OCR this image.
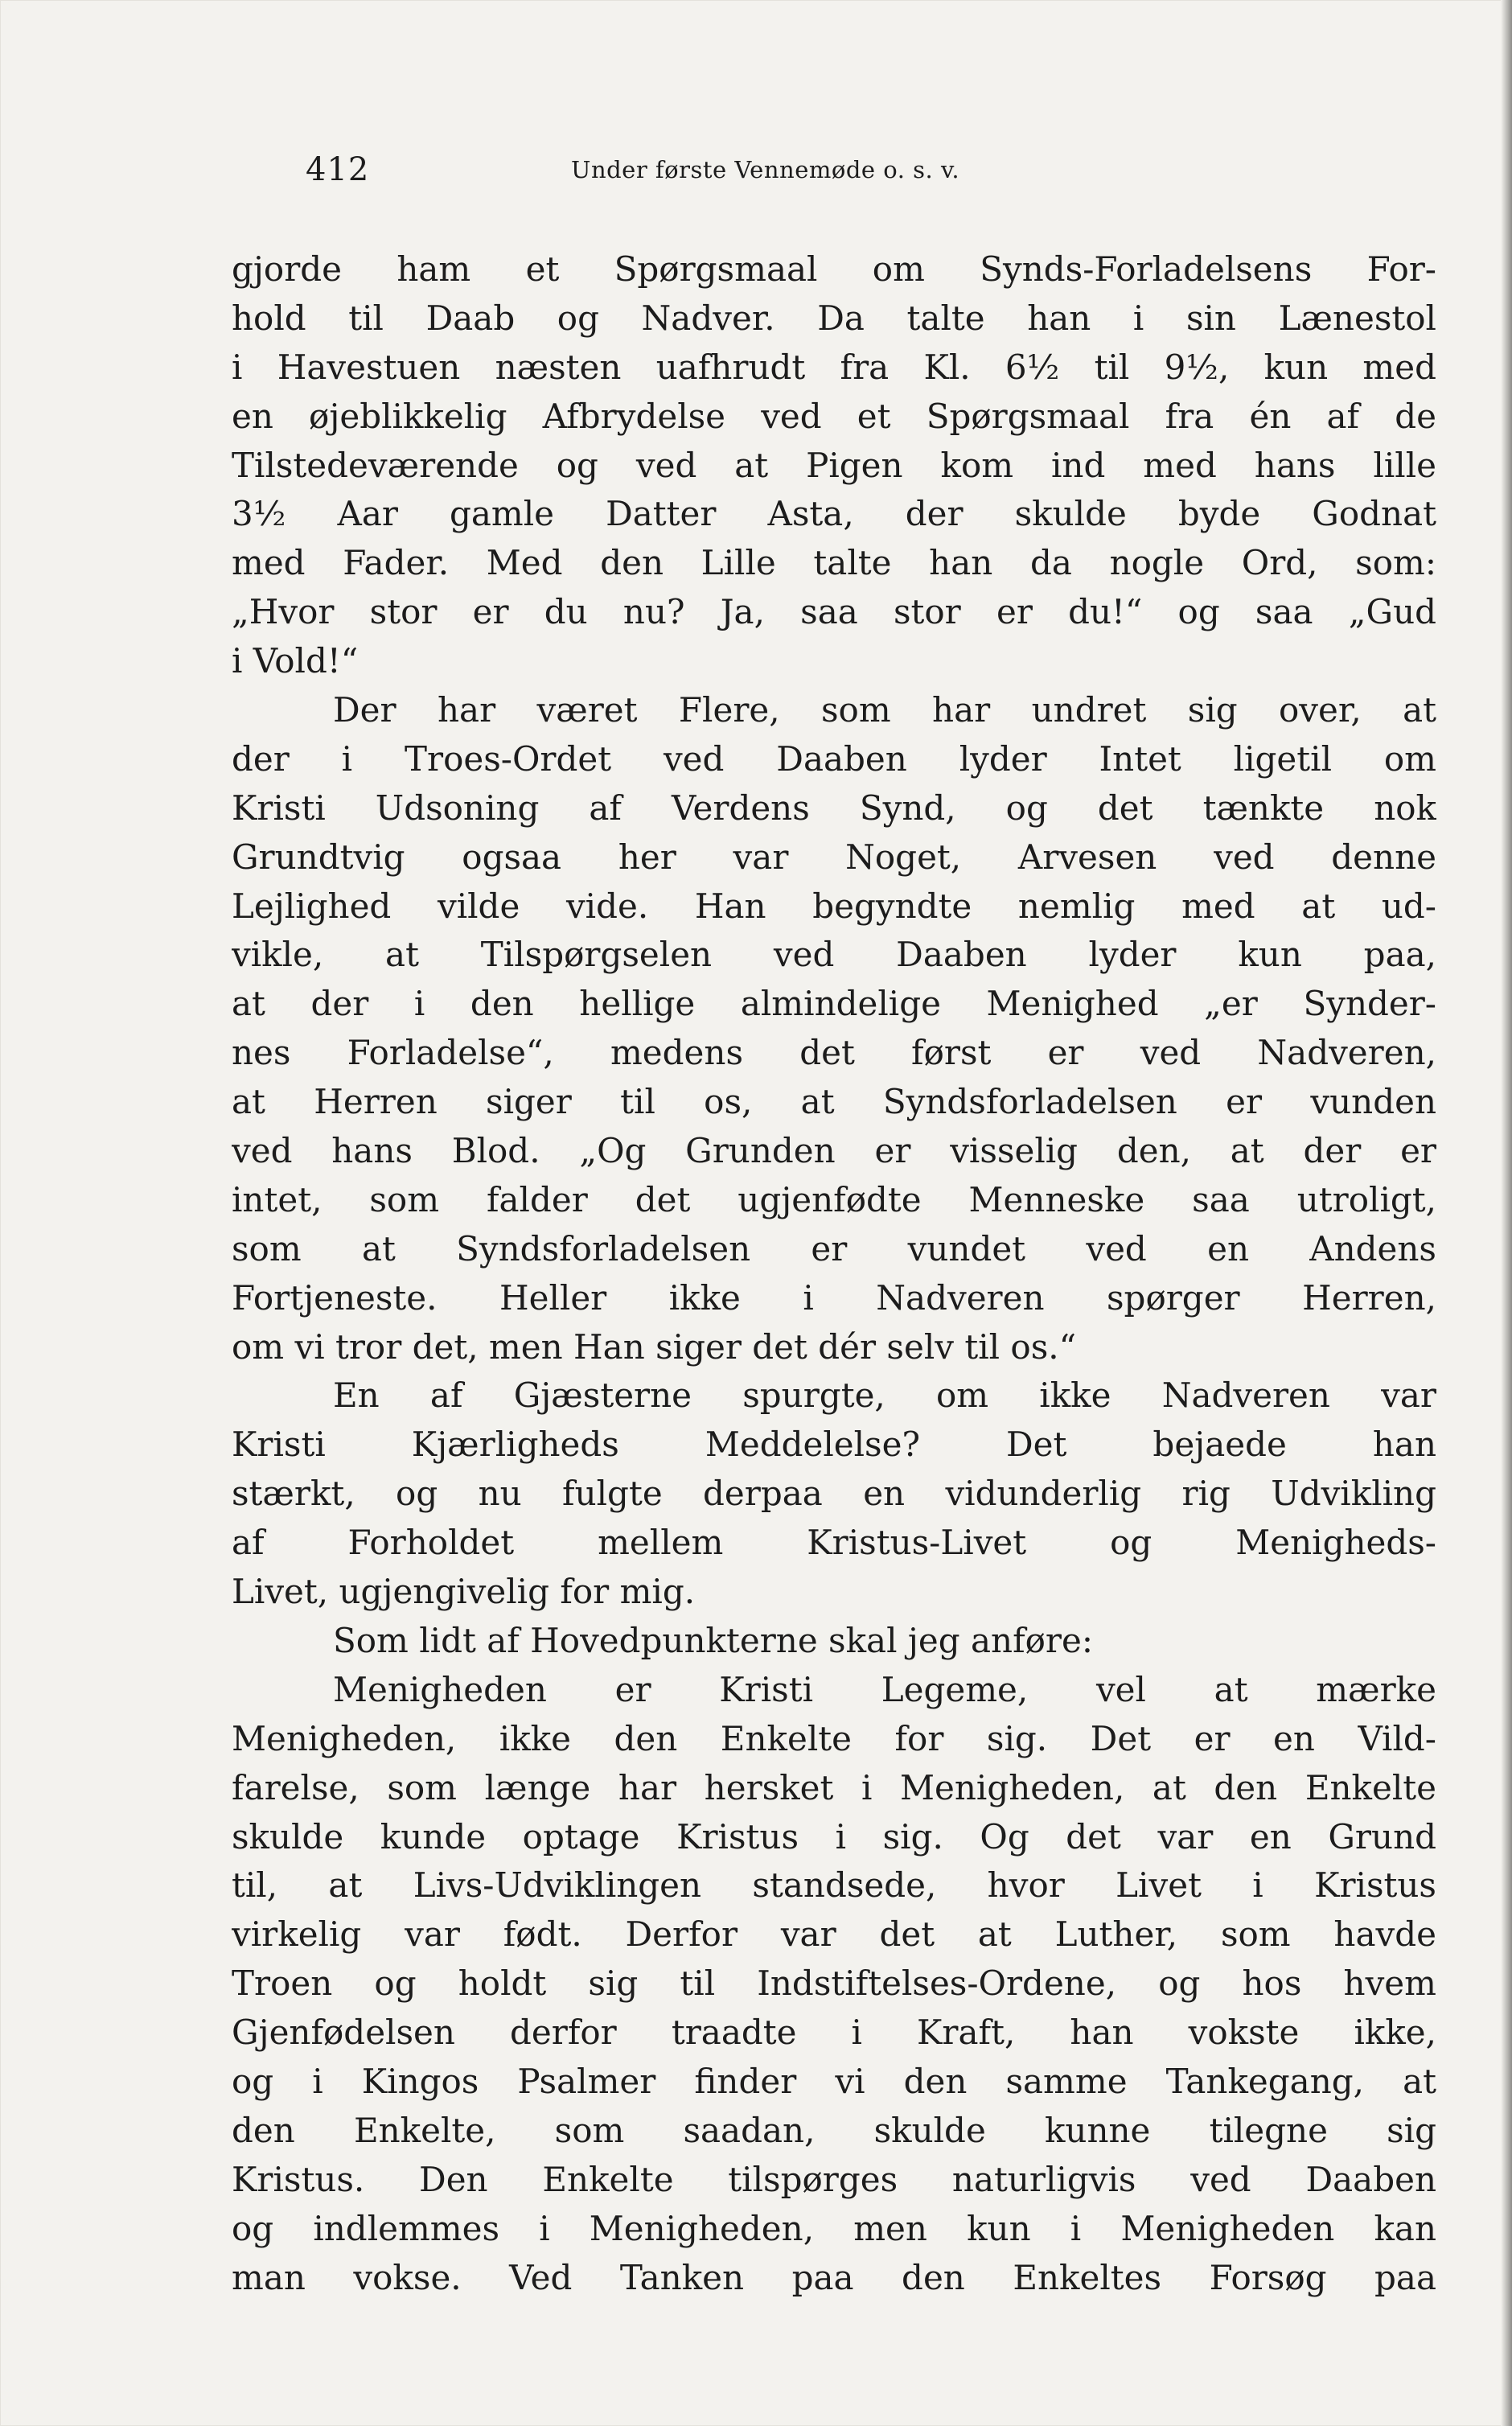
412	Under første Vennemøde o. s. v.
gjorde ham et Spørgsmaal om Synds-Forladelsens For-
hold til Daab og Nadver. Da talte han i sin Lænestol
i Havestuen næsten uafhrudt fra Kl. 6½ til 9½, kun med
en øjeblikkelig Afbrydelse ved et Spørgsmaal fra én af de
Tilstedeværende og ved at Pigen kom ind med hans lille
3½ Aar gamle Datter Asta, der skulde byde Godnat
med Fader. Med den Lille talte han da nogle Ord, som:
„Hvor stor er du nu? Ja, saa stor er du!“ og saa „Gud
i Vold!“
Der har været Flere, som har undret sig over, at
der i Troes-Ordet ved Daaben lyder Intet ligetil om
Kristi Udsoning af Verdens Synd, og det tænkte nok
Grundtvig ogsaa her var Noget, Arvesen ved denne
Lejlighed vilde vide. Han begyndte nemlig med at ud-
vikle, at Tilspørgselen ved Daaben lyder kun paa,
at der i den hellige almindelige Menighed „er Synder-
nes Forladelse“, medens det først er ved Nadveren,
at Herren siger til os, at Syndsforladelsen er vunden
ved hans Blod. „Og Grunden er visselig den, at der er
intet, som falder det ugjenfødte Menneske saa utroligt,
som at Syndsforladelsen er vundet ved en Andens
Fortjeneste. Heller ikke i Nadveren spørger Herren,
om vi tror det, men Han siger det dér selv til os.“
En af Gjæsterne spurgte, om ikke Nadveren var
Kristi Kjærligheds Meddelelse? Det bejaede han
stærkt, og nu fulgte derpaa en vidunderlig rig Udvikling
af Forholdet mellem Kristus-Livet og Menigheds-
Livet, ugjengivelig for mig.
Som lidt af Hovedpunkterne skal jeg anføre:
Menigheden er Kristi Legeme, vel at mærke
Menigheden, ikke den Enkelte for sig. Det er en Vild-
farelse, som længe har hersket i Menigheden, at den Enkelte
skulde kunde optage Kristus i sig. Og det var en Grund
til, at Livs-Udviklingen standsede, hvor Livet i Kristus
virkelig var født. Derfor var det at Luther, som havde
Troen og holdt sig til Indstiftelses-Ordene, og hos hvem
Gjenfødelsen derfor traadte i Kraft, han vokste ikke,
og i Kingos Psalmer finder vi den samme Tankegang, at
den Enkelte, som saadan, skulde kunne tilegne sig
Kristus. Den Enkelte tilspørges naturligvis ved Daaben
og indlemmes i Menigheden, men kun i Menigheden kan
man vokse. Ved Tanken paa den Enkeltes Forsøg paa
